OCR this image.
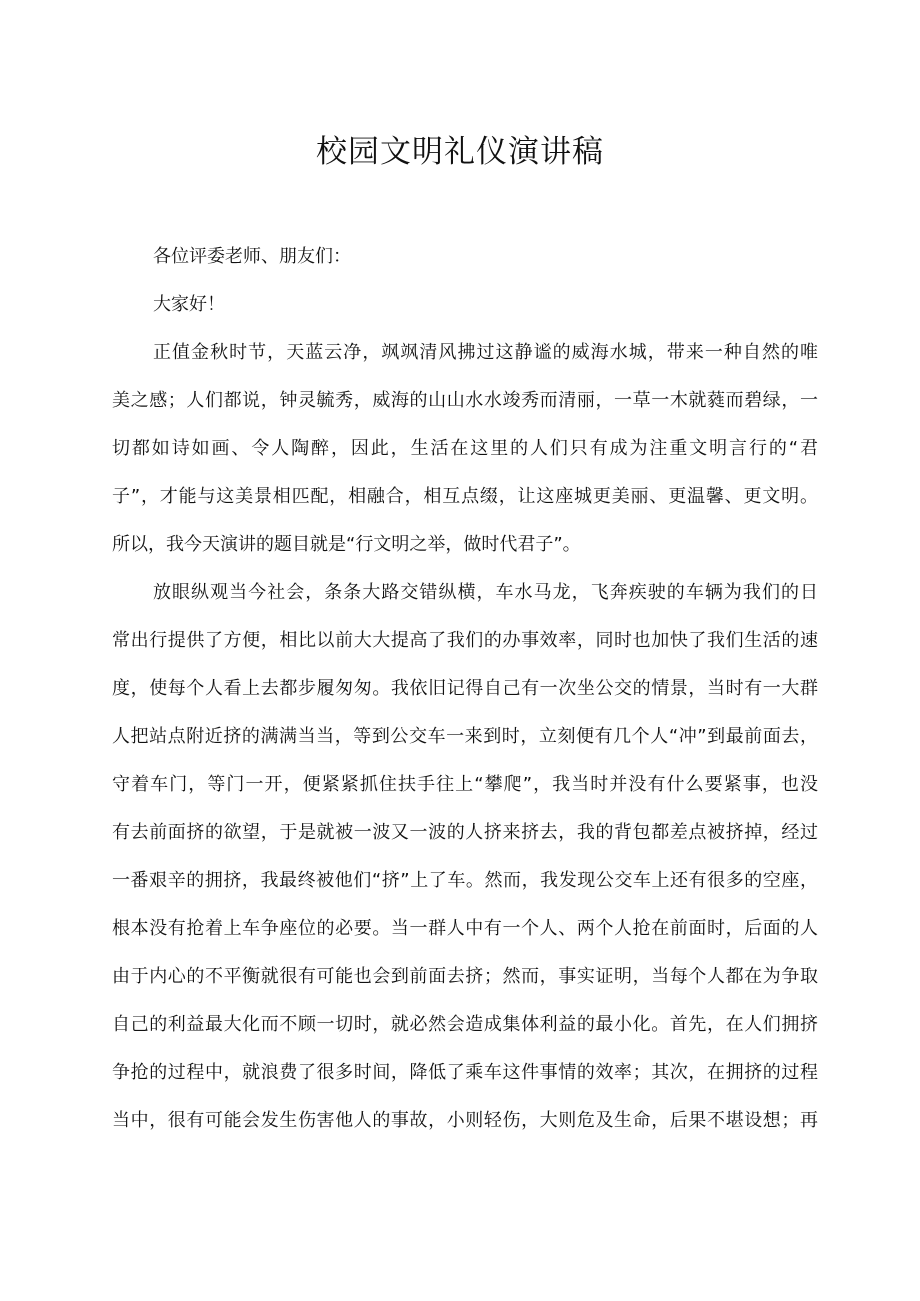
校园文明礼仪演讲稿
各位评委老师、朋友们：
大家好！
正值金秋时节，天蓝云净，飒飒清风拂过这静谧的威海水城，带来一种自然的唯
美之感；人们都说，钟灵毓秀，威海的山山水水竣秀而清丽，一草一木就蕤而碧绿，一
切都如诗如画、令人陶醉，因此，生活在这里的人们只有成为注重文明言行的“君
子”，才能与这美景相匹配，相融合，相互点缀，让这座城更美丽、更温馨、更文明。
所以，我今天演讲的题目就是“行文明之举，做时代君子”。
放眼纵观当今社会，条条大路交错纵横，车水马龙，飞奔疾驶的车辆为我们的日
常出行提供了方便，相比以前大大提高了我们的办事效率，同时也加快了我们生活的速
度，使每个人看上去都步履匆匆。我依旧记得自己有一次坐公交的情景，当时有一大群
人把站点附近挤的满满当当，等到公交车一来到时，立刻便有几个人“冲”到最前面去，
守着车门，等门一开，便紧紧抓住扶手往上“攀爬”，我当时并没有什么要紧事，也没
有去前面挤的欲望，于是就被一波又一波的人挤来挤去，我的背包都差点被挤掉，经过
一番艰辛的拥挤，我最终被他们“挤”上了车。然而，我发现公交车上还有很多的空座，
根本没有抢着上车争座位的必要。当一群人中有一个人、两个人抢在前面时，后面的人
由于内心的不平衡就很有可能也会到前面去挤；然而，事实证明，当每个人都在为争取
自己的利益最大化而不顾一切时，就必然会造成集体利益的最小化。首先，在人们拥挤
争抢的过程中，就浪费了很多时间，降低了乘车这件事情的效率；其次，在拥挤的过程
当中，很有可能会发生伤害他人的事故，小则轻伤，大则危及生命，后果不堪设想；再
